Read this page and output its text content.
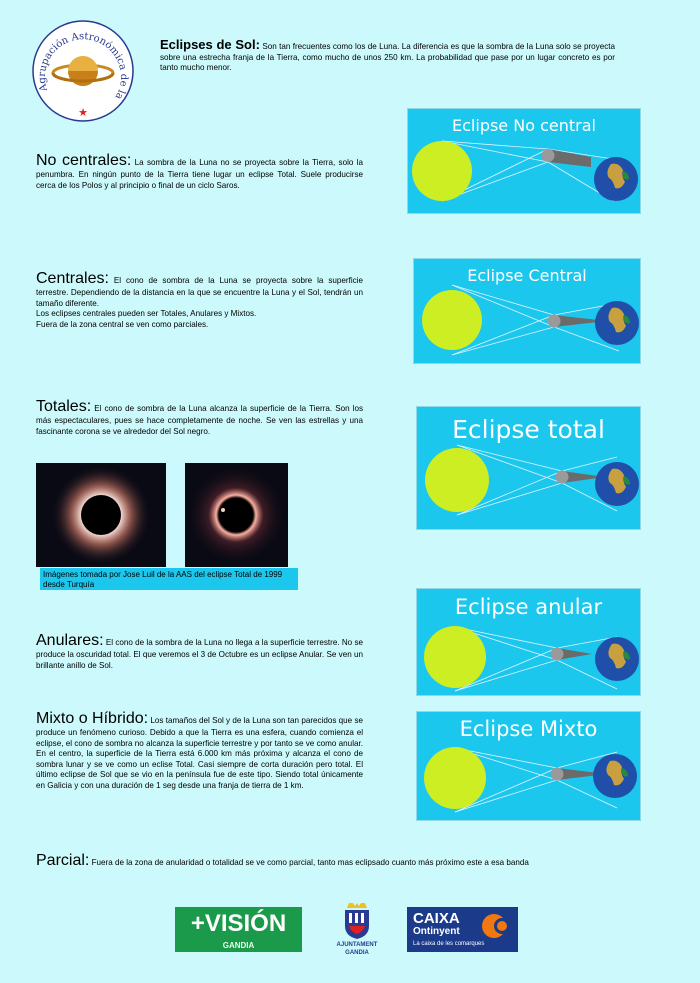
Agrupación Astronómica de la
★
Eclipses de Sol: Son tan frecuentes como los de Luna. La diferencia es que la sombra de la Luna solo se proyecta sobre una estrecha franja de la Tierra, como mucho de unos 250 km. La probabilidad que pase por un lugar concreto es por tanto mucho menor.
No centrales: La sombra de la Luna no se proyecta sobre la Tierra, solo la penumbra. En ningún punto de la Tierra tiene lugar un eclipse Total. Suele producirse cerca de los Polos y al principio o final de un ciclo Saros.
Centrales: El cono de sombra de la Luna se proyecta sobre la superficie terrestre. Dependiendo de la distancia en la que se encuentre la Luna y el Sol, tendrán un tamaño diferente.
Los eclipses centrales pueden ser Totales, Anulares y Mixtos.
Fuera de la zona central se ven como parciales.
Totales: El cono de sombra de la Luna alcanza la superficie de la Tierra. Son los más espectaculares, pues se hace completamente de noche. Se ven las estrellas y una fascinante corona se ve alrededor del Sol negro.
Imágenes tomada por Jose Luil de la AAS del eclipse Total de 1999 desde Turquía
Anulares: El cono de la sombra de la Luna no llega a la superficie terrestre. No se produce la oscuridad total. El que veremos el 3 de Octubre es un eclipse Anular. Se ven un brillante anillo de Sol.
Mixto o Híbrido: Los tamaños del Sol y de la Luna son tan parecidos que se produce un fenómeno curioso. Debido a que la Tierra es una esfera, cuando comienza el eclipse, el cono de sombra no alcanza la superficie terrestre y por tanto se ve como anular. En el centro, la superficie de la Tierra está 6.000 km más próxima y alcanza el cono de sombra lunar y se ve como un eclise Total. Casi siempre de corta duración pero total. El último eclipse de Sol que se vio en la península fue de este tipo. Siendo total únicamente en Galicia y con una duración de 1 seg desde una franja de tierra de 1 km.
Parcial: Fuera de la zona de anularidad o totalidad se ve como parcial, tanto mas eclipsado cuanto más próximo este a esa banda
Eclipse No central
Eclipse Central
Eclipse total
Eclipse anular
Eclipse Mixto
+VISIÓN
GANDIA	AJUNTAMENT
GANDIA
CAIXA
Ontinyent
La caixa de les comarques
